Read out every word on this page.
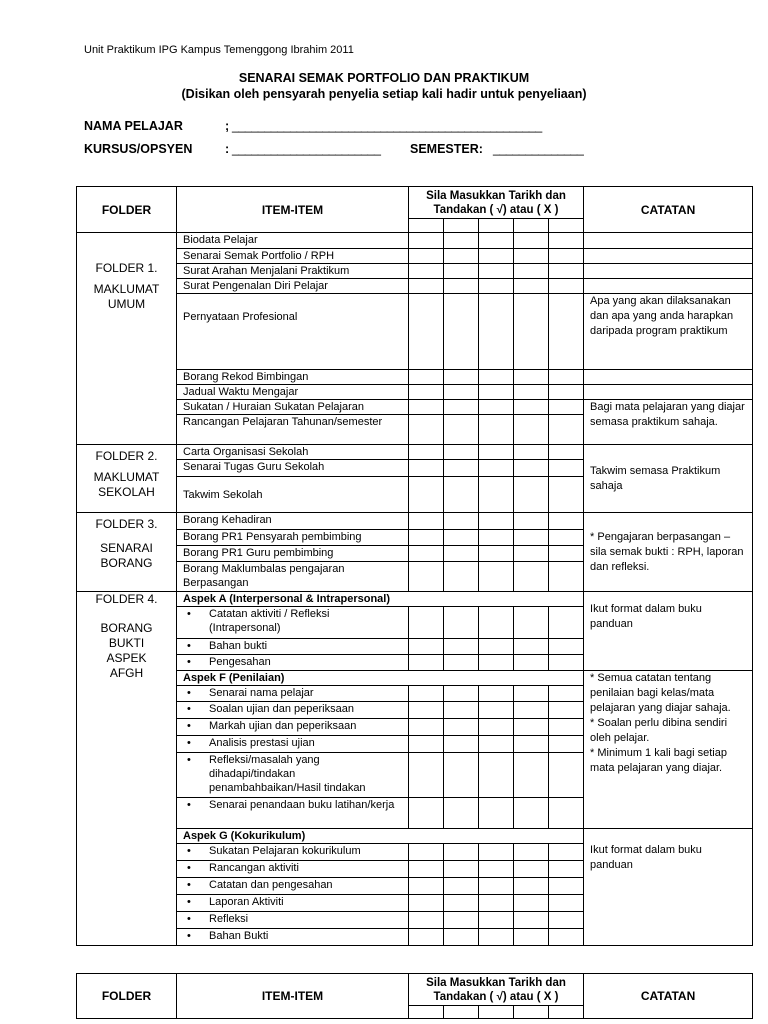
Unit Praktikum IPG Kampus Temenggong Ibrahim 2011
SENARAI SEMAK PORTFOLIO DAN PRAKTIKUM
(Disikan oleh pensyarah penyelia setiap kali hadir untuk penyeliaan)
NAMA PELAJAR	; ________________________________________________
KURSUS/OPSYEN	: _______________________ SEMESTER: ______________
FOLDER	ITEM-ITEM	Sila Masukkan Tarikh dan Tandakan ( √) atau ( X )					CATATAN

FOLDER 1.

MAKLUMAT UMUM	Biodata Pelajar						
	Senarai Semak Portfolio / RPH						
	Surat Arahan Menjalani Praktikum						
	Surat Pengenalan Diri Pelajar						
	Pernyataan Profesional						Apa yang akan dilaksanakan dan apa yang anda harapkan daripada program praktikum
	Borang Rekod Bimbingan						
	Jadual Waktu Mengajar						
	Sukatan / Huraian Sukatan Pelajaran						Bagi mata pelajaran yang diajar semasa praktikum sahaja.
	Rancangan Pelajaran Tahunan/semester						
FOLDER 2.

MAKLUMAT SEKOLAH	Carta Organisasi Sekolah						Takwim semasa Praktikum sahaja
	Senarai Tugas Guru Sekolah						
	Takwim Sekolah						
FOLDER 3.

SENARAI BORANG	Borang Kehadiran						* Pengajaran berpasangan – sila semak bukti : RPH, laporan dan refleksi.
	Borang PR1 Pensyarah pembimbing						
	Borang PR1 Guru pembimbing						
	Borang Maklumbalas pengajaran Berpasangan						
FOLDER 4.

BORANG BUKTI ASPEK AFGH	Aspek A (Interpersonal & Intrapersonal)						Ikut format dalam buku panduan

	• Catatan aktiviti / Refleksi (Intrapersonal)						

	• Bahan bukti						

	• Pengesahan						

	Aspek F (Penilaian)						* Semua catatan tentang penilaian bagi kelas/mata pelajaran yang diajar sahaja.
* Soalan perlu dibina sendiri oleh pelajar.
* Minimum 1 kali bagi setiap mata pelajaran yang diajar.

	• Senarai nama pelajar						

	• Soalan ujian dan peperiksaan						

	• Markah ujian dan peperiksaan						

	• Analisis prestasi ujian						

	• Refleksi/masalah yang dihadapi/tindakan penambahbaikan/Hasil tindakan						

	• Senarai penandaan buku latihan/kerja						

	Aspek G (Kokurikulum)						Ikut format dalam buku panduan

	• Sukatan Pelajaran kokurikulum						

	• Rancangan aktiviti						

	• Catatan dan pengesahan						

	• Laporan Aktiviti						

	• Refleksi						

	• Bahan Bukti						

FOLDER	ITEM-ITEM	Sila Masukkan Tarikh dan Tandakan ( √) atau ( X )					CATATAN
